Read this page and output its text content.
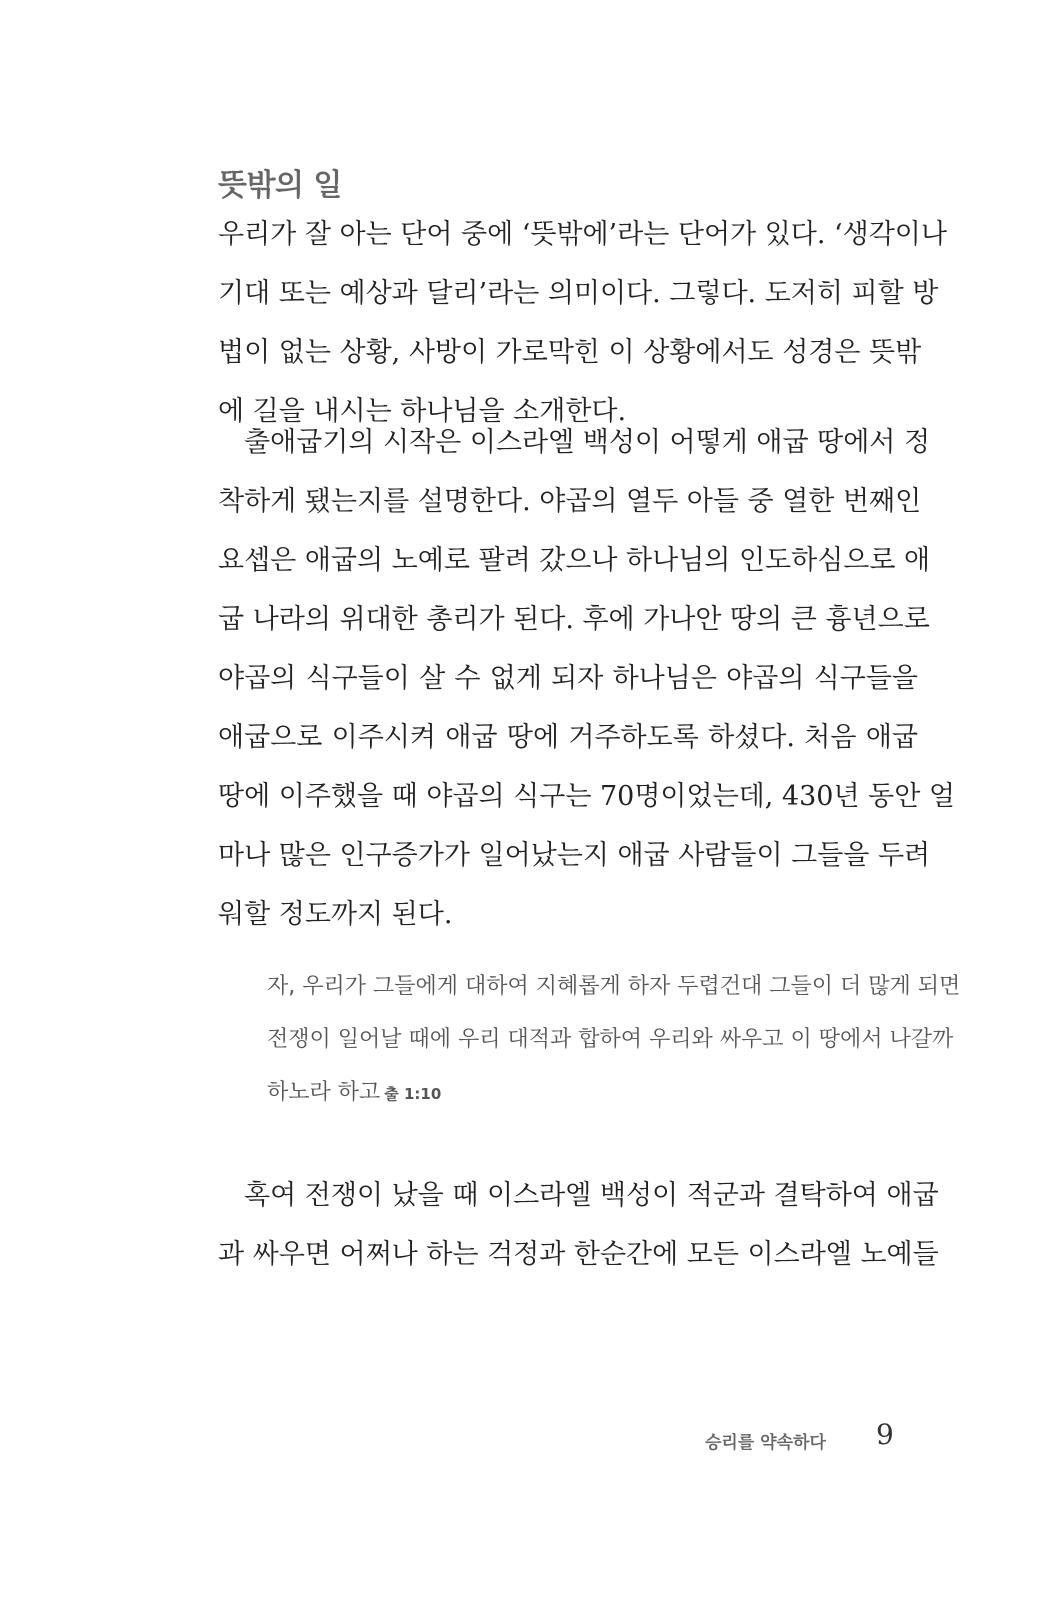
뜻밖의 일
우리가 잘 아는 단어 중에 ‘뜻밖에’라는 단어가 있다. ‘생각이나
기대 또는 예상과 달리’라는 의미이다. 그렇다. 도저히 피할 방
법이 없는 상황, 사방이 가로막힌 이 상황에서도 성경은 뜻밖
에 길을 내시는 하나님을 소개한다.
출애굽기의 시작은 이스라엘 백성이 어떻게 애굽 땅에서 정
착하게 됐는지를 설명한다. 야곱의 열두 아들 중 열한 번째인
요셉은 애굽의 노예로 팔려 갔으나 하나님의 인도하심으로 애
굽 나라의 위대한 총리가 된다. 후에 가나안 땅의 큰 흉년으로
야곱의 식구들이 살 수 없게 되자 하나님은 야곱의 식구들을
애굽으로 이주시켜 애굽 땅에 거주하도록 하셨다. 처음 애굽
땅에 이주했을 때 야곱의 식구는 70명이었는데, 430년 동안 얼
마나 많은 인구증가가 일어났는지 애굽 사람들이 그들을 두려
워할 정도까지 된다.
자, 우리가 그들에게 대하여 지혜롭게 하자 두렵건대 그들이 더 많게 되면
전쟁이 일어날 때에 우리 대적과 합하여 우리와 싸우고 이 땅에서 나갈까
하노라 하고 출 1:10
혹여 전쟁이 났을 때 이스라엘 백성이 적군과 결탁하여 애굽
과 싸우면 어쩌나 하는 걱정과 한순간에 모든 이스라엘 노예들
승리를 약속하다 9
